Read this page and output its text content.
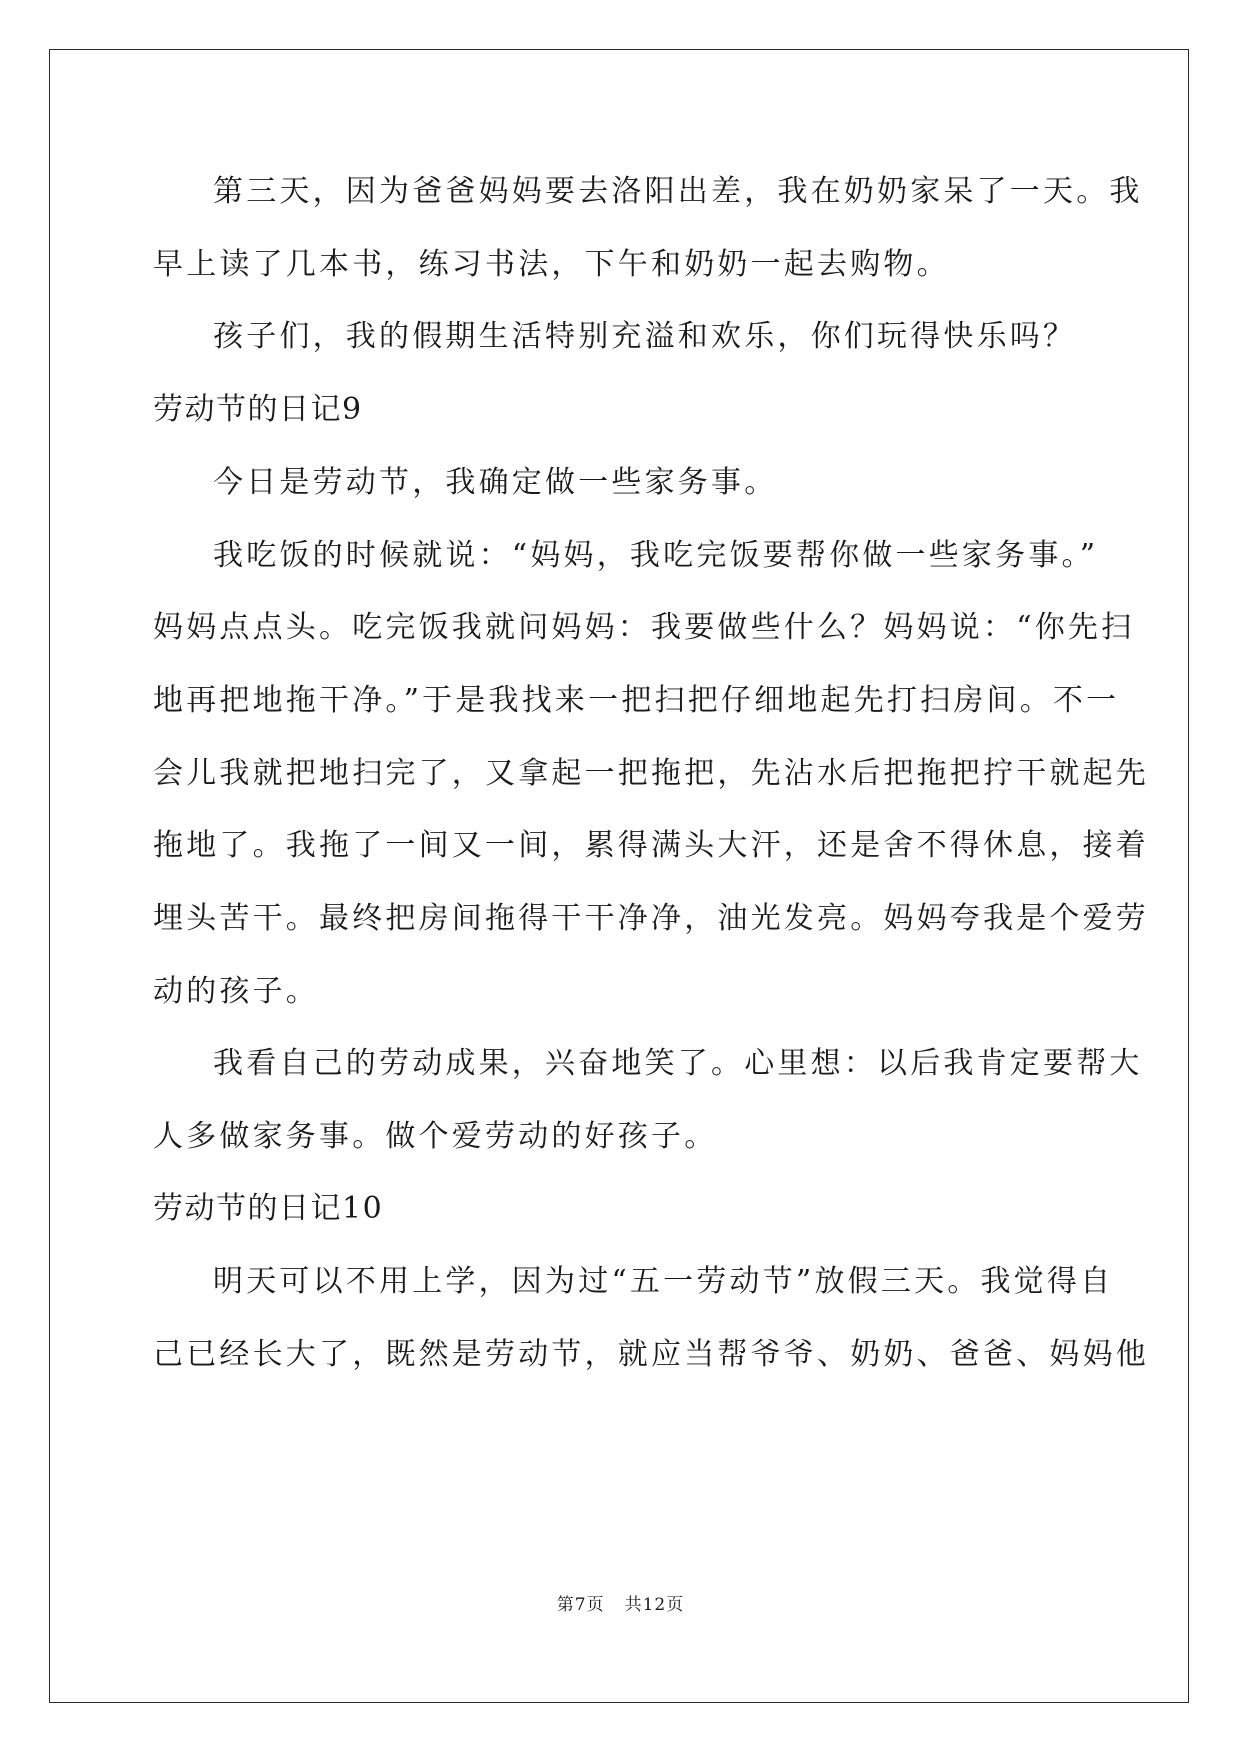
第三天，因为爸爸妈妈要去洛阳出差，我在奶奶家呆了一天。我
早上读了几本书，练习书法，下午和奶奶一起去购物。
孩子们，我的假期生活特别充溢和欢乐，你们玩得快乐吗？
劳动节的日记9
今日是劳动节，我确定做一些家务事。
我吃饭的时候就说：“妈妈，我吃完饭要帮你做一些家务事。”
妈妈点点头。吃完饭我就问妈妈：我要做些什么？妈妈说：“你先扫
地再把地拖干净。”于是我找来一把扫把仔细地起先打扫房间。不一
会儿我就把地扫完了，又拿起一把拖把，先沾水后把拖把拧干就起先
拖地了。我拖了一间又一间，累得满头大汗，还是舍不得休息，接着
埋头苦干。最终把房间拖得干干净净，油光发亮。妈妈夸我是个爱劳
动的孩子。
我看自己的劳动成果，兴奋地笑了。心里想：以后我肯定要帮大
人多做家务事。做个爱劳动的好孩子。
劳动节的日记10
明天可以不用上学，因为过“五一劳动节”放假三天。我觉得自
己已经长大了，既然是劳动节，就应当帮爷爷、奶奶、爸爸、妈妈他
第7页 共12页
